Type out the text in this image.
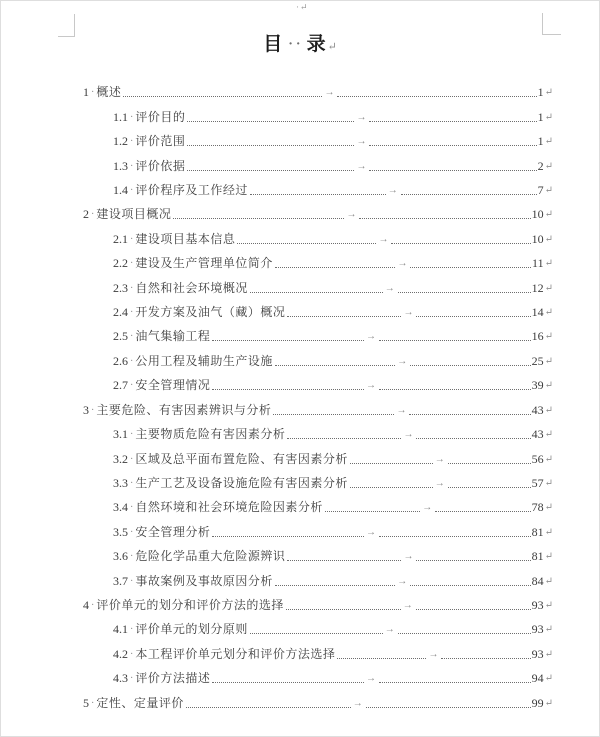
·↵
目 ·· 录 ↵
1 · 概述	→	1 ↵
1.1 · 评价目的	→	1 ↵
1.2 · 评价范围	→	1 ↵
1.3 · 评价依据	→	2 ↵
1.4 · 评价程序及工作经过	→	7 ↵
2 · 建设项目概况	→	10 ↵
2.1 · 建设项目基本信息	→	10 ↵
2.2 · 建设及生产管理单位简介	→	11 ↵
2.3 · 自然和社会环境概况	→	12 ↵
2.4 · 开发方案及油气（藏）概况	→	14 ↵
2.5 · 油气集输工程	→	16 ↵
2.6 · 公用工程及辅助生产设施	→	25 ↵
2.7 · 安全管理情况	→	39 ↵
3 · 主要危险、有害因素辨识与分析	→	43 ↵
3.1 · 主要物质危险有害因素分析	→	43 ↵
3.2 · 区域及总平面布置危险、有害因素分析	→	56 ↵
3.3 · 生产工艺及设备设施危险有害因素分析	→	57 ↵
3.4 · 自然环境和社会环境危险因素分析	→	78 ↵
3.5 · 安全管理分析	→	81 ↵
3.6 · 危险化学品重大危险源辨识	→	81 ↵
3.7 · 事故案例及事故原因分析	→	84 ↵
4 · 评价单元的划分和评价方法的选择	→	93 ↵
4.1 · 评价单元的划分原则	→	93 ↵
4.2 · 本工程评价单元划分和评价方法选择	→	93 ↵
4.3 · 评价方法描述	→	94 ↵
5 · 定性、定量评价	→	99 ↵
